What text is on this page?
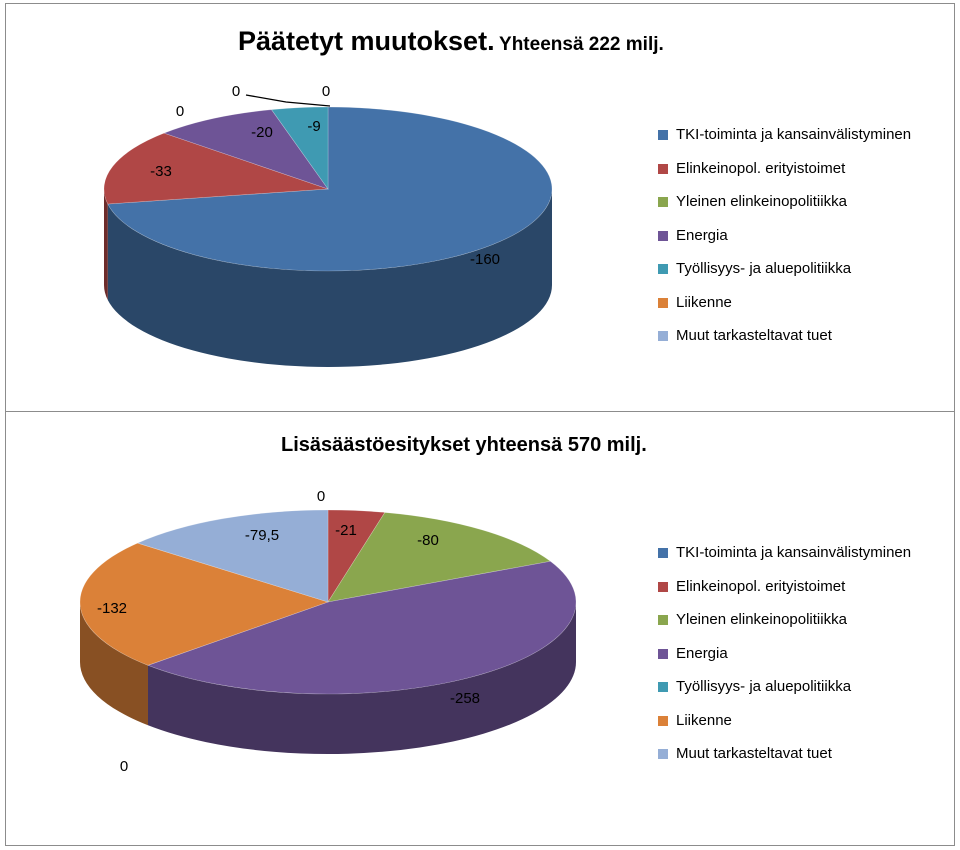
Päätetyt muutokset. Yhteensä 222 milj.
-160
-33
0
-20 -9
0	0
TKI-toiminta ja kansainvälistyminen
Elinkeinopol. erityistoimet
Yleinen elinkeinopolitiikka
Energia
Työllisyys- ja aluepolitiikka
Liikenne
Muut tarkasteltavat tuet
Lisäsäästöesitykset yhteensä 570 milj.
0
-21
-80
-258
0
-132
-79,5
TKI-toiminta ja kansainvälistyminen
Elinkeinopol. erityistoimet
Yleinen elinkeinopolitiikka
Energia
Työllisyys- ja aluepolitiikka
Liikenne
Muut tarkasteltavat tuet
